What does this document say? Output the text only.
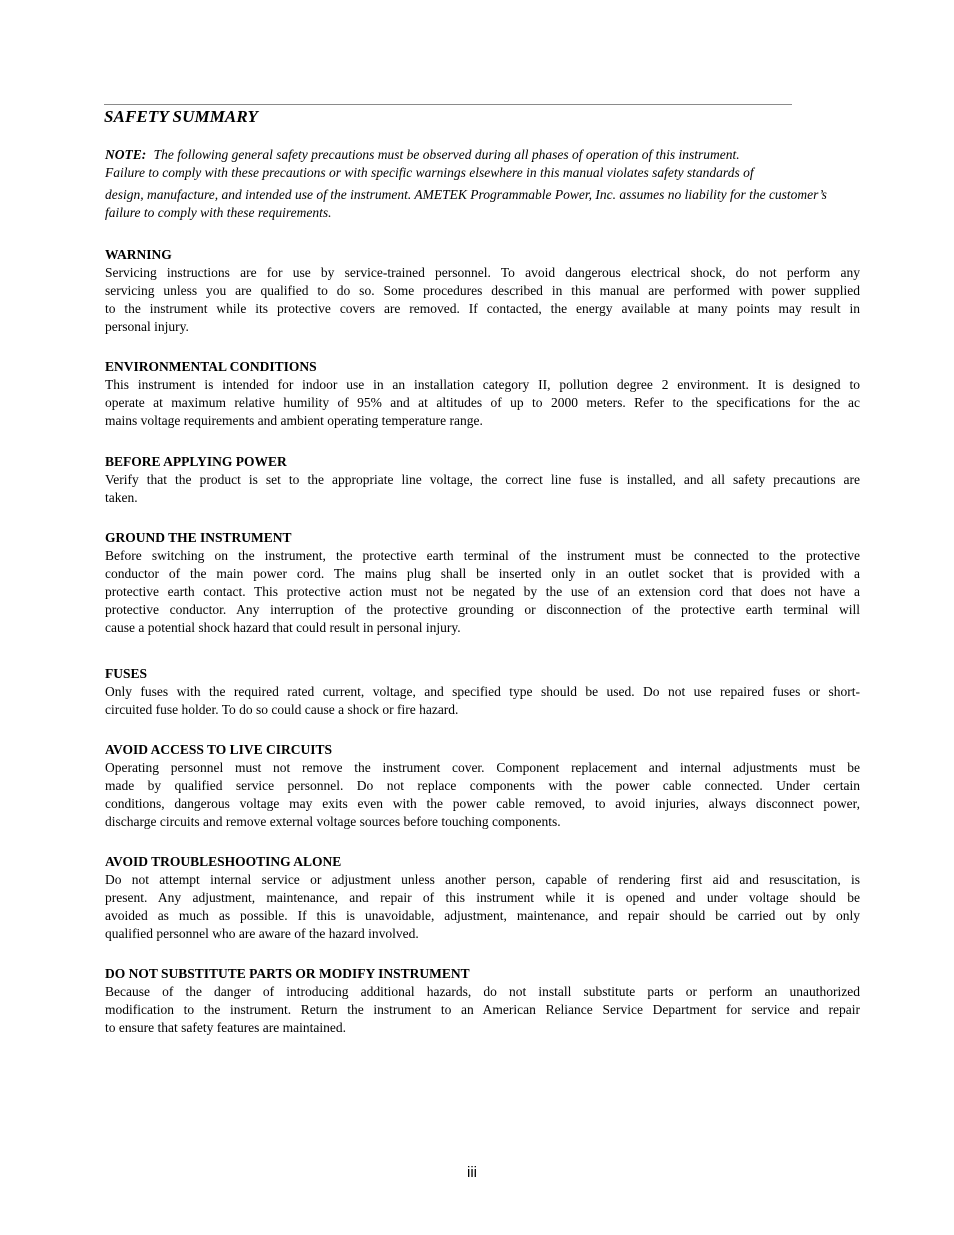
SAFETY SUMMARY
NOTE: The following general safety precautions must be observed during all phases of operation of this instrument.
Failure to comply with these precautions or with specific warnings elsewhere in this manual violates safety standards of
design, manufacture, and intended use of the instrument. AMETEK Programmable Power, Inc. assumes no liability for the customer’s
failure to comply with these requirements.
WARNING
Servicing instructions are for use by service-trained personnel. To avoid dangerous electrical shock, do not perform any
servicing unless you are qualified to do so. Some procedures described in this manual are performed with power supplied
to the instrument while its protective covers are removed. If contacted, the energy available at many points may result in
personal injury.
ENVIRONMENTAL CONDITIONS
This instrument is intended for indoor use in an installation category II, pollution degree 2 environment. It is designed to
operate at maximum relative humility of 95% and at altitudes of up to 2000 meters. Refer to the specifications for the ac
mains voltage requirements and ambient operating temperature range.
BEFORE APPLYING POWER
Verify that the product is set to the appropriate line voltage, the correct line fuse is installed, and all safety precautions are
taken.
GROUND THE INSTRUMENT
Before switching on the instrument, the protective earth terminal of the instrument must be connected to the protective
conductor of the main power cord. The mains plug shall be inserted only in an outlet socket that is provided with a
protective earth contact. This protective action must not be negated by the use of an extension cord that does not have a
protective conductor. Any interruption of the protective grounding or disconnection of the protective earth terminal will
cause a potential shock hazard that could result in personal injury.
FUSES
Only fuses with the required rated current, voltage, and specified type should be used. Do not use repaired fuses or short-
circuited fuse holder. To do so could cause a shock or fire hazard.
AVOID ACCESS TO LIVE CIRCUITS
Operating personnel must not remove the instrument cover. Component replacement and internal adjustments must be
made by qualified service personnel. Do not replace components with the power cable connected. Under certain
conditions, dangerous voltage may exits even with the power cable removed, to avoid injuries, always disconnect power,
discharge circuits and remove external voltage sources before touching components.
AVOID TROUBLESHOOTING ALONE
Do not attempt internal service or adjustment unless another person, capable of rendering first aid and resuscitation, is
present. Any adjustment, maintenance, and repair of this instrument while it is opened and under voltage should be
avoided as much as possible. If this is unavoidable, adjustment, maintenance, and repair should be carried out by only
qualified personnel who are aware of the hazard involved.
DO NOT SUBSTITUTE PARTS OR MODIFY INSTRUMENT
Because of the danger of introducing additional hazards, do not install substitute parts or perform an unauthorized
modification to the instrument. Return the instrument to an American Reliance Service Department for service and repair
to ensure that safety features are maintained.
iii
